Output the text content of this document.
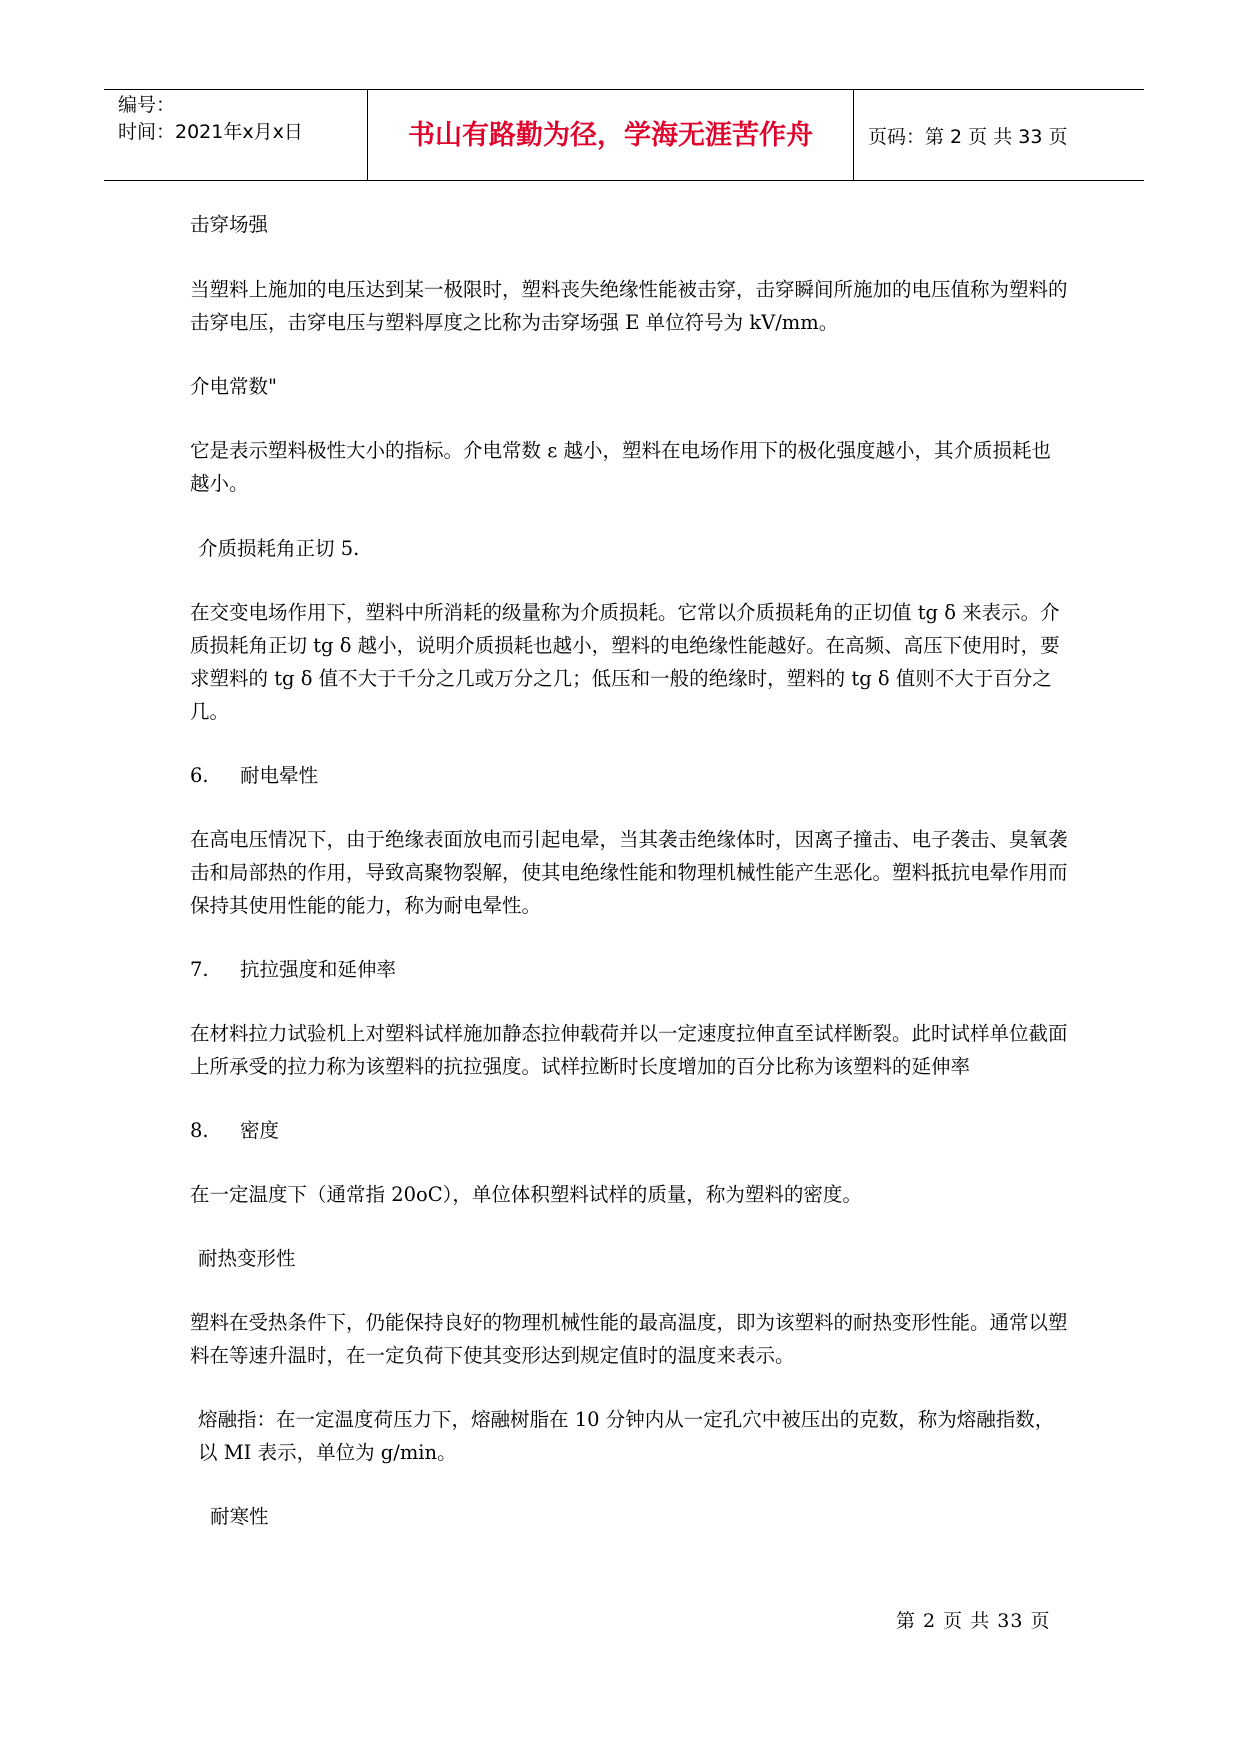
编号：
时间：2021年x月x日	书山有路勤为径，学海无涯苦作舟	页码：第 2 页 共 33 页

击穿场强

当塑料上施加的电压达到某一极限时，塑料丧失绝缘性能被击穿，击穿瞬间所施加的电压值称为塑料的击穿电压，击穿电压与塑料厚度之比称为击穿场强 E 单位符号为 kV/mm。

介电常数"

它是表示塑料极性大小的指标。介电常数 ε 越小，塑料在电场作用下的极化强度越小，其介质损耗也越小。

介质损耗角正切 5.

在交变电场作用下，塑料中所消耗的级量称为介质损耗。它常以介质损耗角的正切值 tg δ 来表示。介质损耗角正切 tg δ 越小，说明介质损耗也越小，塑料的电绝缘性能越好。在高频、高压下使用时，要求塑料的 tg δ 值不大于千分之几或万分之几；低压和一般的绝缘时，塑料的 tg δ 值则不大于百分之几。

6. 耐电晕性

在高电压情况下，由于绝缘表面放电而引起电晕，当其袭击绝缘体时，因离子撞击、电子袭击、臭氧袭击和局部热的作用，导致高聚物裂解，使其电绝缘性能和物理机械性能产生恶化。塑料抵抗电晕作用而保持其使用性能的能力，称为耐电晕性。

7. 抗拉强度和延伸率

在材料拉力试验机上对塑料试样施加静态拉伸载荷并以一定速度拉伸直至试样断裂。此时试样单位截面上所承受的拉力称为该塑料的抗拉强度。试样拉断时长度增加的百分比称为该塑料的延伸率

8. 密度

在一定温度下（通常指 20oC），单位体积塑料试样的质量，称为塑料的密度。

耐热变形性

塑料在受热条件下，仍能保持良好的物理机械性能的最高温度，即为该塑料的耐热变形性能。通常以塑料在等速升温时，在一定负荷下使其变形达到规定值时的温度来表示。

熔融指：在一定温度荷压力下，熔融树脂在 10 分钟内从一定孔穴中被压出的克数，称为熔融指数，以 MI 表示，单位为 g/min。

耐寒性

第 2 页 共 33 页
